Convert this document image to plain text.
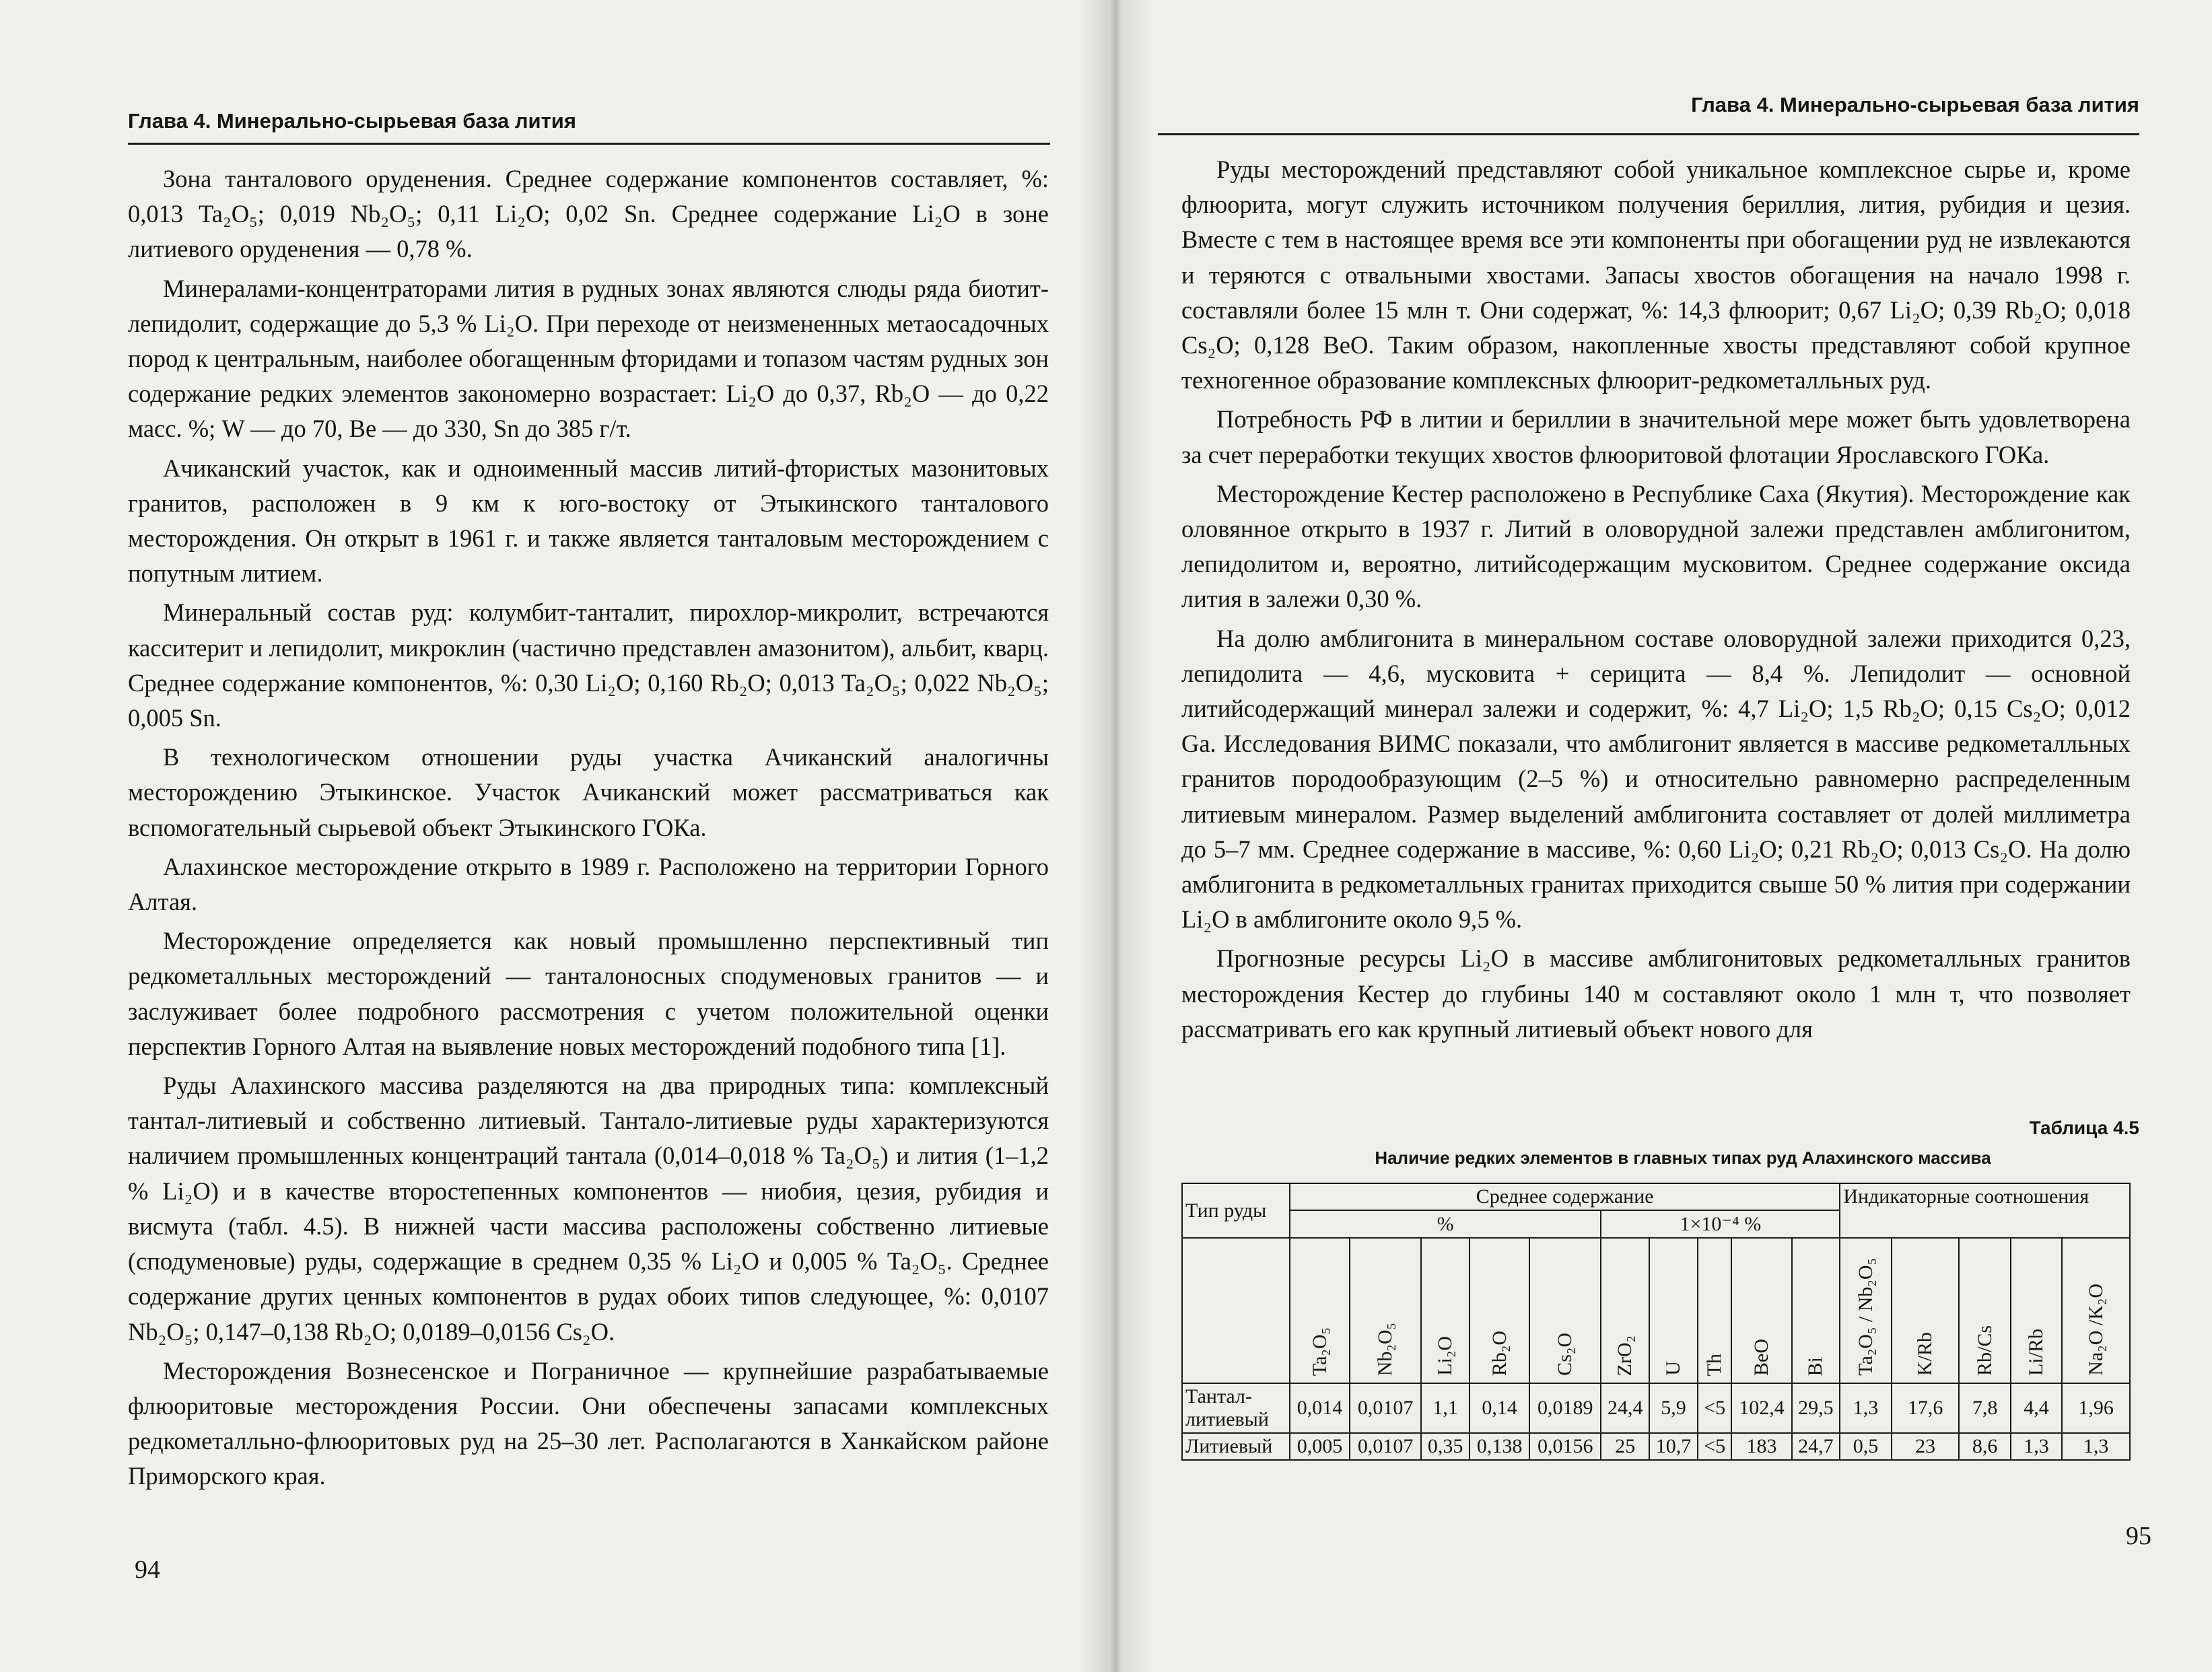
Глава 4. Минерально-сырьевая база лития

Зона танталового оруденения. Среднее содержание компонентов составляет, %: 0,013 Ta₂O₅; 0,019 Nb₂O₅; 0,11 Li₂O; 0,02 Sn. Среднее содержание Li₂O в зоне литиевого оруденения — 0,78 %.

Минералами-концентраторами лития в рудных зонах являются слюды ряда биотит-лепидолит, содержащие до 5,3 % Li₂O. При переходе от неизмененных метаосадочных пород к центральным, наиболее обогащенным фторидами и топазом частям рудных зон содержание редких элементов закономерно возрастает: Li₂O до 0,37, Rb₂O — до 0,22 масс. %; W — до 70, Be — до 330, Sn до 385 г/т.

Ачиканский участок, как и одноименный массив литий-фтористых мазонитовых гранитов, расположен в 9 км к юго-востоку от Этыкинского танталового месторождения. Он открыт в 1961 г. и также является танталовым месторождением с попутным литием.

Минеральный состав руд: колумбит-танталит, пирохлор-микролит, встречаются касситерит и лепидолит, микроклин (частично представлен амазонитом), альбит, кварц. Среднее содержание компонентов, %: 0,30 Li₂O; 0,160 Rb₂O; 0,013 Ta₂O₅; 0,022 Nb₂O₅; 0,005 Sn.

В технологическом отношении руды участка Ачиканский аналогичны месторождению Этыкинское. Участок Ачиканский может рассматриваться как вспомогательный сырьевой объект Этыкинского ГОКа.

Алахинское месторождение открыто в 1989 г. Расположено на территории Горного Алтая.

Месторождение определяется как новый промышленно перспективный тип редкометалльных месторождений — танталоносных сподуменовых гранитов — и заслуживает более подробного рассмотрения с учетом положительной оценки перспектив Горного Алтая на выявление новых месторождений подобного типа [1].

Руды Алахинского массива разделяются на два природных типа: комплексный тантал-литиевый и собственно литиевый. Тантало-литиевые руды характеризуются наличием промышленных концентраций тантала (0,014–0,018 % Ta₂O₅) и лития (1–1,2 % Li₂O) и в качестве второстепенных компонентов — ниобия, цезия, рубидия и висмута (табл. 4.5). В нижней части массива расположены собственно литиевые (сподуменовые) руды, содержащие в среднем 0,35 % Li₂O и 0,005 % Ta₂O₅. Среднее содержание других ценных компонентов в рудах обоих типов следующее, %: 0,0107 Nb₂O₅; 0,147–0,138 Rb₂O; 0,0189–0,0156 Cs₂O.

Месторождения Вознесенское и Пограничное — крупнейшие разрабатываемые флюоритовые месторождения России. Они обеспечены запасами комплексных редкометалльно-флюоритовых руд на 25–30 лет. Располагаются в Ханкайском районе Приморского края.

94
Глава 4. Минерально-сырьевая база лития

Руды месторождений представляют собой уникальное комплексное сырье и, кроме флюорита, могут служить источником получения бериллия, лития, рубидия и цезия. Вместе с тем в настоящее время все эти компоненты при обогащении руд не извлекаются и теряются с отвальными хвостами. Запасы хвостов обогащения на начало 1998 г. составляли более 15 млн т. Они содержат, %: 14,3 флюорит; 0,67 Li₂O; 0,39 Rb₂O; 0,018 Cs₂O; 0,128 BeO. Таким образом, накопленные хвосты представляют собой крупное техногенное образование комплексных флюорит-редкометалльных руд.

Потребность РФ в литии и бериллии в значительной мере может быть удовлетворена за счет переработки текущих хвостов флюоритовой флотации Ярославского ГОКа.

Месторождение Кестер расположено в Республике Саха (Якутия). Месторождение как оловянное открыто в 1937 г. Литий в оловорудной залежи представлен амблигонитом, лепидолитом и, вероятно, литийсодержащим мусковитом. Среднее содержание оксида лития в залежи 0,30 %.

На долю амблигонита в минеральном составе оловорудной залежи приходится 0,23, лепидолита — 4,6, мусковита + серицита — 8,4 %. Лепидолит — основной литийсодержащий минерал залежи и содержит, %: 4,7 Li₂O; 1,5 Rb₂O; 0,15 Cs₂O; 0,012 Ga. Исследования ВИМС показали, что амблигонит является в массиве редкометалльных гранитов породообразующим (2–5 %) и относительно равномерно распределенным литиевым минералом. Размер выделений амблигонита составляет от долей миллиметра до 5–7 мм. Среднее содержание в массиве, %: 0,60 Li₂O; 0,21 Rb₂O; 0,013 Cs₂O. На долю амблигонита в редкометалльных гранитах приходится свыше 50 % лития при содержании Li₂O в амблигоните около 9,5 %.

Прогнозные ресурсы Li₂O в массиве амблигонитовых редкометалльных гранитов месторождения Кестер до глубины 140 м составляют около 1 млн т, что позволяет рассматривать его как крупный литиевый объект нового для

Таблица 4.5
Наличие редких элементов в главных типах руд Алахинского массива
Тип руды	Среднее содержание										Индикаторные соотношения				
	%					1×10⁻⁴ %									
	Ta₂O₅	Nb₂O₅	Li₂O	Rb₂O	Cs₂O	ZrO₂	U	Th	BeO	Bi	Ta₂O₅ / Nb₂O₅	K/Rb	Rb/Cs	Li/Rb	Na₂O /K₂O
Тантал-литиевый	0,014	0,0107	1,1	0,14	0,0189	24,4	5,9	<5	102,4	29,5	1,3	17,6	7,8	4,4	1,96
Литиевый	0,005	0,0107	0,35	0,138	0,0156	25	10,7	<5	183	24,7	0,5	23	8,6	1,3	1,3
95
